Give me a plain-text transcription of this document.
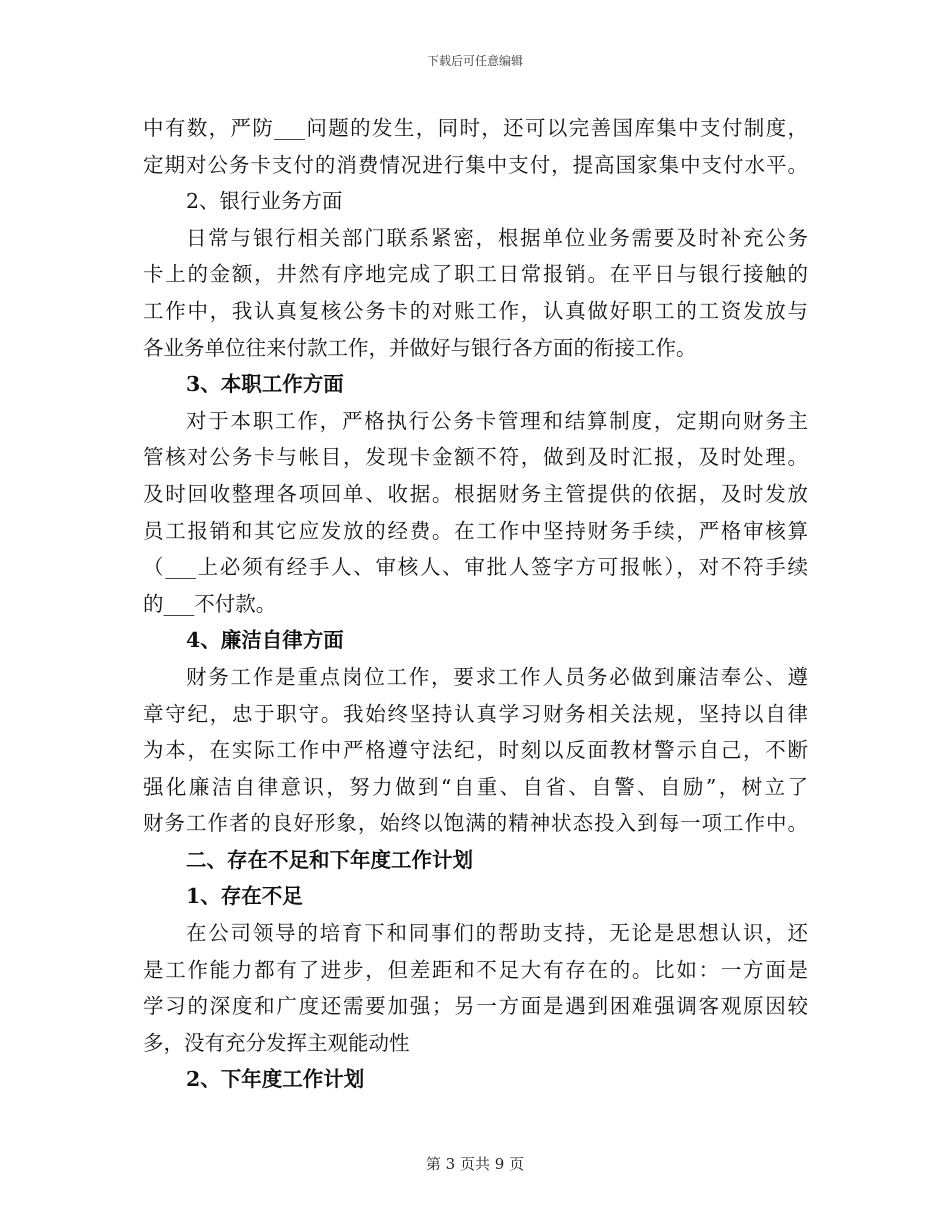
下载后可任意编辑
中有数，严防___问题的发生，同时，还可以完善国库集中支付制度，
定期对公务卡支付的消费情况进行集中支付，提高国家集中支付水平。
2、银行业务方面
日常与银行相关部门联系紧密，根据单位业务需要及时补充公务
卡上的金额，井然有序地完成了职工日常报销。在平日与银行接触的
工作中，我认真复核公务卡的对账工作，认真做好职工的工资发放与
各业务单位往来付款工作，并做好与银行各方面的衔接工作。
3、本职工作方面
对于本职工作，严格执行公务卡管理和结算制度，定期向财务主
管核对公务卡与帐目，发现卡金额不符，做到及时汇报，及时处理。
及时回收整理各项回单、收据。根据财务主管提供的依据，及时发放
员工报销和其它应发放的经费。在工作中坚持财务手续，严格审核算
（___上必须有经手人、审核人、审批人签字方可报帐），对不符手续
的___不付款。
4、廉洁自律方面
财务工作是重点岗位工作，要求工作人员务必做到廉洁奉公、遵
章守纪，忠于职守。我始终坚持认真学习财务相关法规，坚持以自律
为本，在实际工作中严格遵守法纪，时刻以反面教材警示自己，不断
强化廉洁自律意识，努力做到“自重、自省、自警、自励”，树立了
财务工作者的良好形象，始终以饱满的精神状态投入到每一项工作中。
二、存在不足和下年度工作计划
1、存在不足
在公司领导的培育下和同事们的帮助支持，无论是思想认识，还
是工作能力都有了进步，但差距和不足大有存在的。比如：一方面是
学习的深度和广度还需要加强；另一方面是遇到困难强调客观原因较
多，没有充分发挥主观能动性
2、下年度工作计划
第 3 页共 9 页
